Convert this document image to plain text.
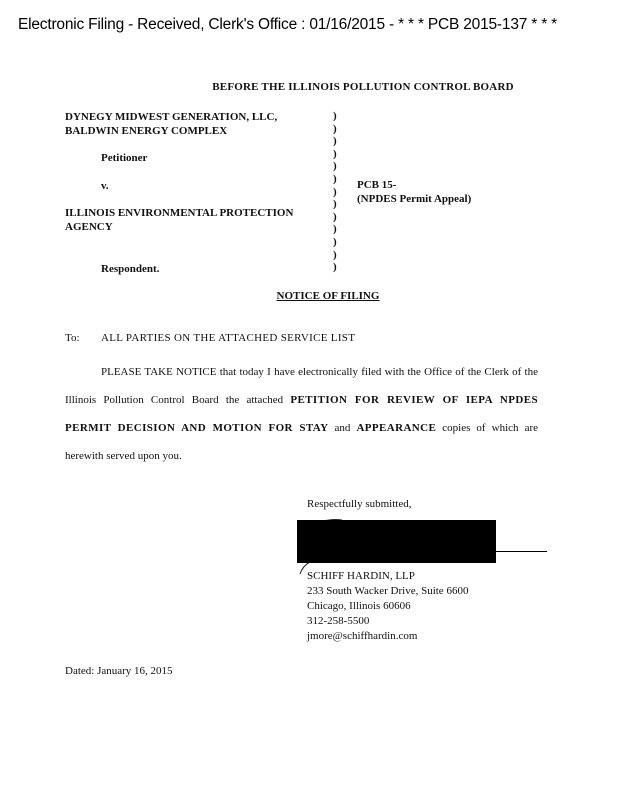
Electronic Filing - Received, Clerk's Office : 01/16/2015 - * * * PCB 2015-137 * * *
BEFORE THE ILLINOIS POLLUTION CONTROL BOARD
DYNEGY MIDWEST GENERATION, LLC,
BALDWIN ENERGY COMPLEX
Petitioner
v.
ILLINOIS ENVIRONMENTAL PROTECTION
AGENCY
Respondent.
)
)
)
)
)
)
)
)
)
)
)
)
)
PCB 15-
(NPDES Permit Appeal)
NOTICE OF FILING
To: ALL PARTIES ON THE ATTACHED SERVICE LIST
PLEASE TAKE NOTICE that today I have electronically filed with the Office of the Clerk of the Illinois Pollution Control Board the attached PETITION FOR REVIEW OF IEPA NPDES PERMIT DECISION AND MOTION FOR STAY and APPEARANCE copies of which are herewith served upon you.
Respectfully submitted,
SCHIFF HARDIN, LLP
233 South Wacker Drive, Suite 6600
Chicago, Illinois 60606
312-258-5500
jmore@schiffhardin.com
Dated: January 16, 2015
